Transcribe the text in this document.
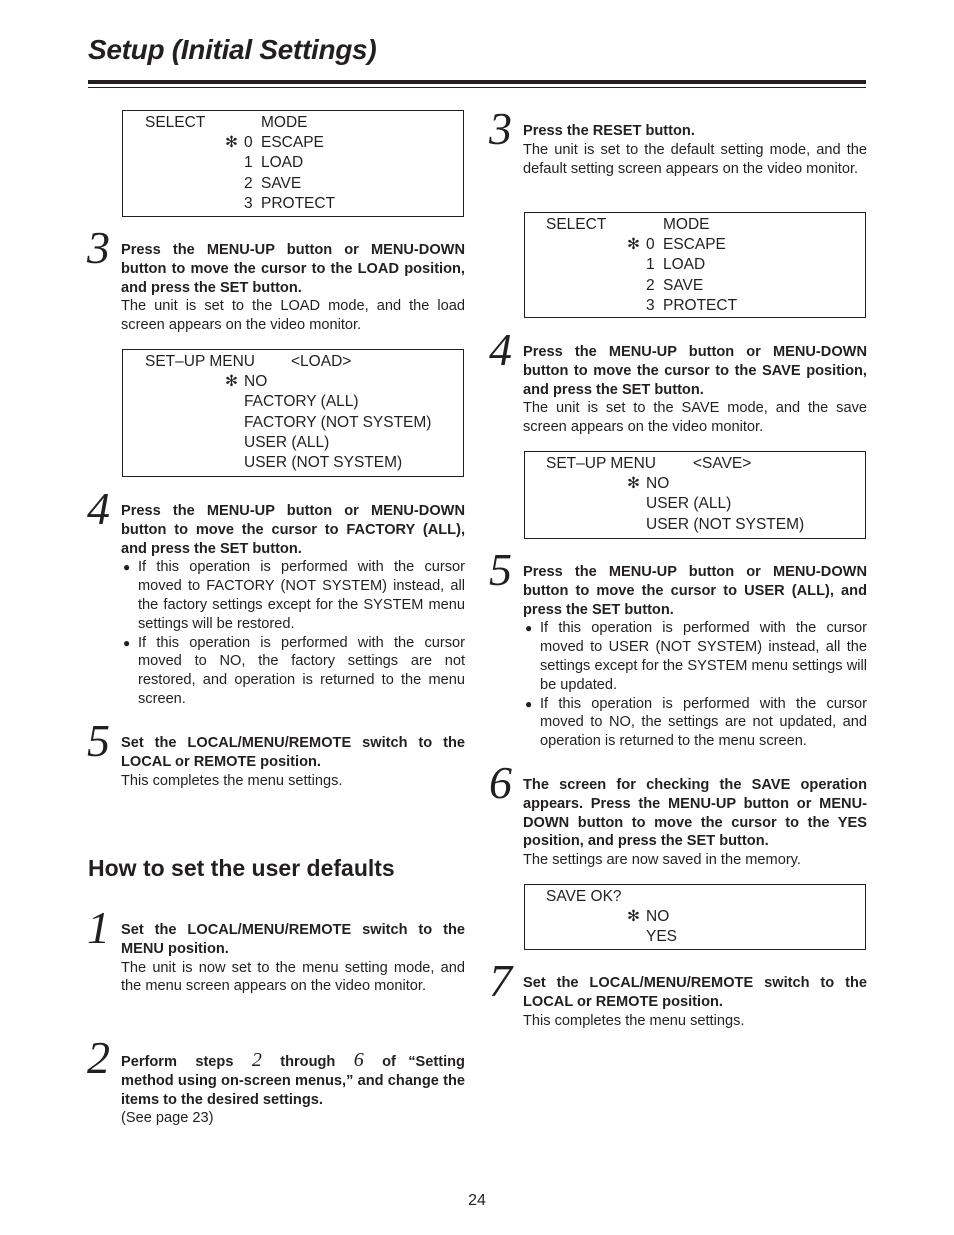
Setup (Initial Settings)
SELECT	MODE
✻ 0 ESCAPE
1 LOAD
2 SAVE
3 PROTECT
3 Press the MENU-UP button or MENU-DOWN button to move the cursor to the LOAD position, and press the SET button.

The unit is set to the LOAD mode, and the load screen appears on the video monitor.

SET–UP MENU <LOAD>
✻ NO
FACTORY (ALL)
FACTORY (NOT SYSTEM)
USER (ALL)
USER (NOT SYSTEM)
4 Press the MENU-UP button or MENU-DOWN button to move the cursor to FACTORY (ALL), and press the SET button.

● If this operation is performed with the cursor moved to FACTORY (NOT SYSTEM) instead, all the factory settings except for the SYSTEM menu settings will be restored.
● If this operation is performed with the cursor moved to NO, the factory settings are not restored, and operation is returned to the menu screen.
5 Set the LOCAL/MENU/REMOTE switch to the LOCAL or REMOTE position.

This completes the menu settings.

How to set the user defaults
1 Set the LOCAL/MENU/REMOTE switch to the MENU position.

The unit is now set to the menu setting mode, and the menu screen appears on the video monitor.

2 Perform steps 2 through 6 of “Setting method using on-screen menus,” and change the items to the desired settings.

(See page 23)

3 Press the RESET button.

The unit is set to the default setting mode, and the default setting screen appears on the video monitor.

SELECT	MODE
✻ 0 ESCAPE
1 LOAD
2 SAVE
3 PROTECT
4 Press the MENU-UP button or MENU-DOWN button to move the cursor to the SAVE position, and press the SET button.

The unit is set to the SAVE mode, and the save screen appears on the video monitor.

SET–UP MENU <SAVE>
✻ NO
USER (ALL)
USER (NOT SYSTEM)
5 Press the MENU-UP button or MENU-DOWN button to move the cursor to USER (ALL), and press the SET button.

● If this operation is performed with the cursor moved to USER (NOT SYSTEM) instead, all the settings except for the SYSTEM menu settings will be updated.
● If this operation is performed with the cursor moved to NO, the settings are not updated, and operation is returned to the menu screen.
6 The screen for checking the SAVE operation appears. Press the MENU-UP button or MENU-DOWN button to move the cursor to the YES position, and press the SET button.

The settings are now saved in the memory.

SAVE OK?
✻ NO
YES
7 Set the LOCAL/MENU/REMOTE switch to the LOCAL or REMOTE position.

This completes the menu settings.

24
